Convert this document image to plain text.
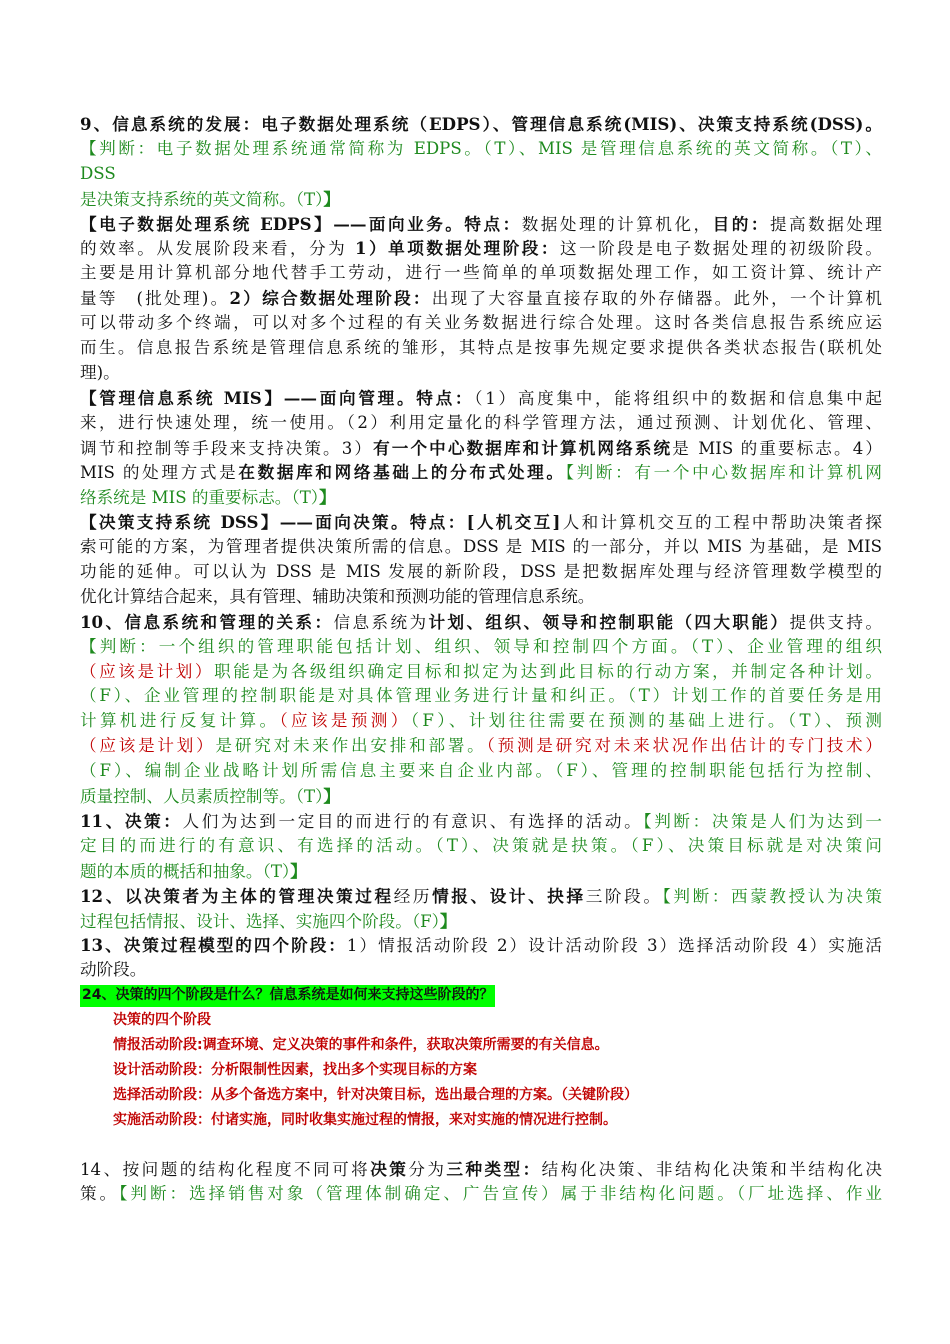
9、信息系统的发展：电子数据处理系统（EDPS）、管理信息系统(MIS)、决策支持系统(DSS)。
【判断：电子数据处理系统通常简称为 EDPS。（T）、MIS 是管理信息系统的英文简称。（T）、
DSS
是决策支持系统的英文简称。（T）】
【电子数据处理系统 EDPS】——面向业务。特点：数据处理的计算机化，目的：提高数据处理
的效率。从发展阶段来看，分为 1）单项数据处理阶段：这一阶段是电子数据处理的初级阶段。
主要是用计算机部分地代替手工劳动，进行一些简单的单项数据处理工作，如工资计算、统计产
量等　(批处理)。2）综合数据处理阶段：出现了大容量直接存取的外存储器。此外，一个计算机
可以带动多个终端，可以对多个过程的有关业务数据进行综合处理。这时各类信息报告系统应运
而生。信息报告系统是管理信息系统的雏形，其特点是按事先规定要求提供各类状态报告(联机处
理)。
【管理信息系统 MIS】——面向管理。特点：（1）高度集中，能将组织中的数据和信息集中起
来，进行快速处理，统一使用。（2）利用定量化的科学管理方法，通过预测、计划优化、管理、
调节和控制等手段来支持决策。3）有一个中心数据库和计算机网络系统是 MIS 的重要标志。4）
MIS 的处理方式是在数据库和网络基础上的分布式处理。【判断：有一个中心数据库和计算机网
络系统是 MIS 的重要标志。（T）】
【决策支持系统 DSS】——面向决策。特点：[人机交互]人和计算机交互的工程中帮助决策者探
索可能的方案，为管理者提供决策所需的信息。DSS 是 MIS 的一部分，并以 MIS 为基础，是 MIS
功能的延伸。可以认为 DSS 是 MIS 发展的新阶段，DSS 是把数据库处理与经济管理数学模型的
优化计算结合起来，具有管理、辅助决策和预测功能的管理信息系统。
10、信息系统和管理的关系：信息系统为计划、组织、领导和控制职能（四大职能）提供支持。
【判断：一个组织的管理职能包括计划、组织、领导和控制四个方面。（T）、企业管理的组织
（应该是计划）职能是为各级组织确定目标和拟定为达到此目标的行动方案，并制定各种计划。
（F）、企业管理的控制职能是对具体管理业务进行计量和纠正。（T）计划工作的首要任务是用
计算机进行反复计算。（应该是预测）（F）、计划往往需要在预测的基础上进行。（T）、预测
（应该是计划）是研究对未来作出安排和部署。（预测是研究对未来状况作出估计的专门技术）
（F）、编制企业战略计划所需信息主要来自企业内部。（F）、管理的控制职能包括行为控制、
质量控制、人员素质控制等。（T）】
11、决策：人们为达到一定目的而进行的有意识、有选择的活动。【判断：决策是人们为达到一
定目的而进行的有意识、有选择的活动。（T）、决策就是抉策。（F）、决策目标就是对决策问
题的本质的概括和抽象。（T）】
12、以决策者为主体的管理决策过程经历情报、设计、抉择三阶段。【判断：西蒙教授认为决策
过程包括情报、设计、选择、实施四个阶段。（F）】
13、决策过程模型的四个阶段：1）情报活动阶段 2）设计活动阶段 3）选择活动阶段 4）实施活
动阶段。
24、决策的四个阶段是什么？信息系统是如何来支持这些阶段的？
决策的四个阶段
情报活动阶段:调查环境、定义决策的事件和条件，获取决策所需要的有关信息。
设计活动阶段：分析限制性因素，找出多个实现目标的方案
选择活动阶段：从多个备选方案中，针对决策目标，选出最合理的方案。（关键阶段）
实施活动阶段：付诸实施，同时收集实施过程的情报，来对实施的情况进行控制。
14、按问题的结构化程度不同可将决策分为三种类型：结构化决策、非结构化决策和半结构化决
策。【判断：选择销售对象（管理体制确定、广告宣传）属于非结构化问题。（厂址选择、作业
